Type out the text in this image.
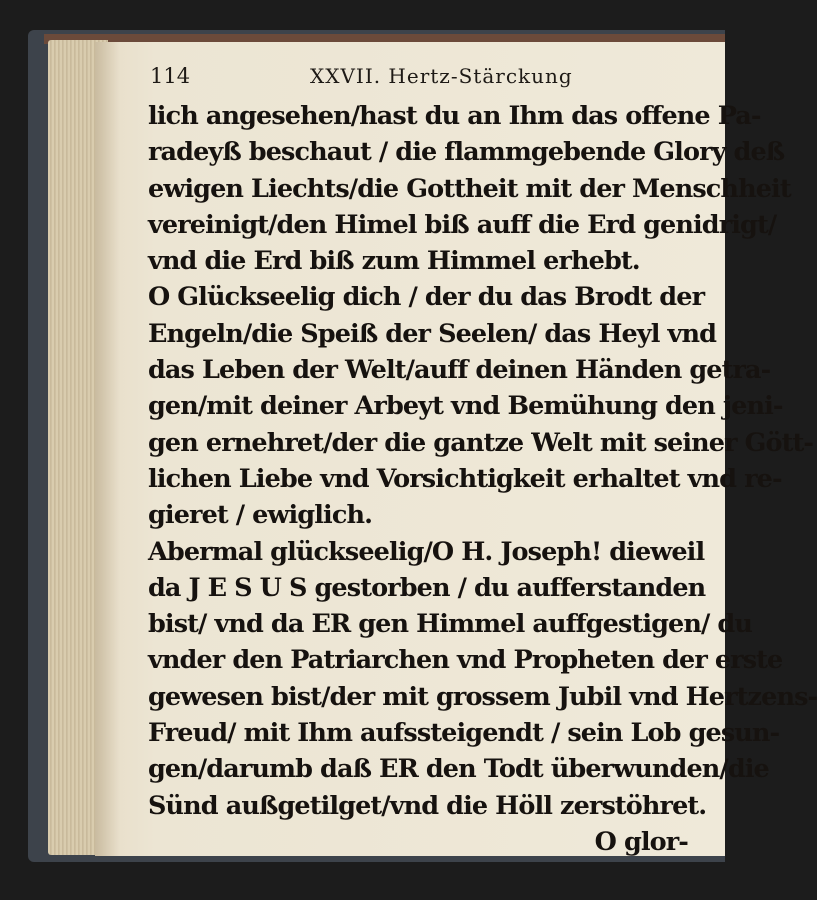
114	XXVII. Hertz-Stärckung
lich angesehen/hast du an Ihm das offene Pa-
radeyß beschaut / die flammgebende Glory deß
ewigen Liechts/die Gottheit mit der Menschheit
vereinigt/den Himel biß auff die Erd genidrigt/
vnd die Erd biß zum Himmel erhebt.
O Glückseelig dich / der du das Brodt der
Engeln/die Speiß der Seelen/ das Heyl vnd
das Leben der Welt/auff deinen Händen getra-
gen/mit deiner Arbeyt vnd Bemühung den jeni-
gen ernehret/der die gantze Welt mit seiner Gött-
lichen Liebe vnd Vorsichtigkeit erhaltet vnd re-
gieret / ewiglich.
Abermal glückseelig/O H. Joseph! dieweil
da J E S U S gestorben / du aufferstanden
bist/ vnd da ER gen Himmel auffgestigen/ du
vnder den Patriarchen vnd Propheten der erste
gewesen bist/der mit grossem Jubil vnd Hertzens-
Freud/ mit Ihm aufssteigendt / sein Lob gesun-
gen/darumb daß ER den Todt überwunden/die
Sünd außgetilget/vnd die Höll zerstöhret.
O glor-
